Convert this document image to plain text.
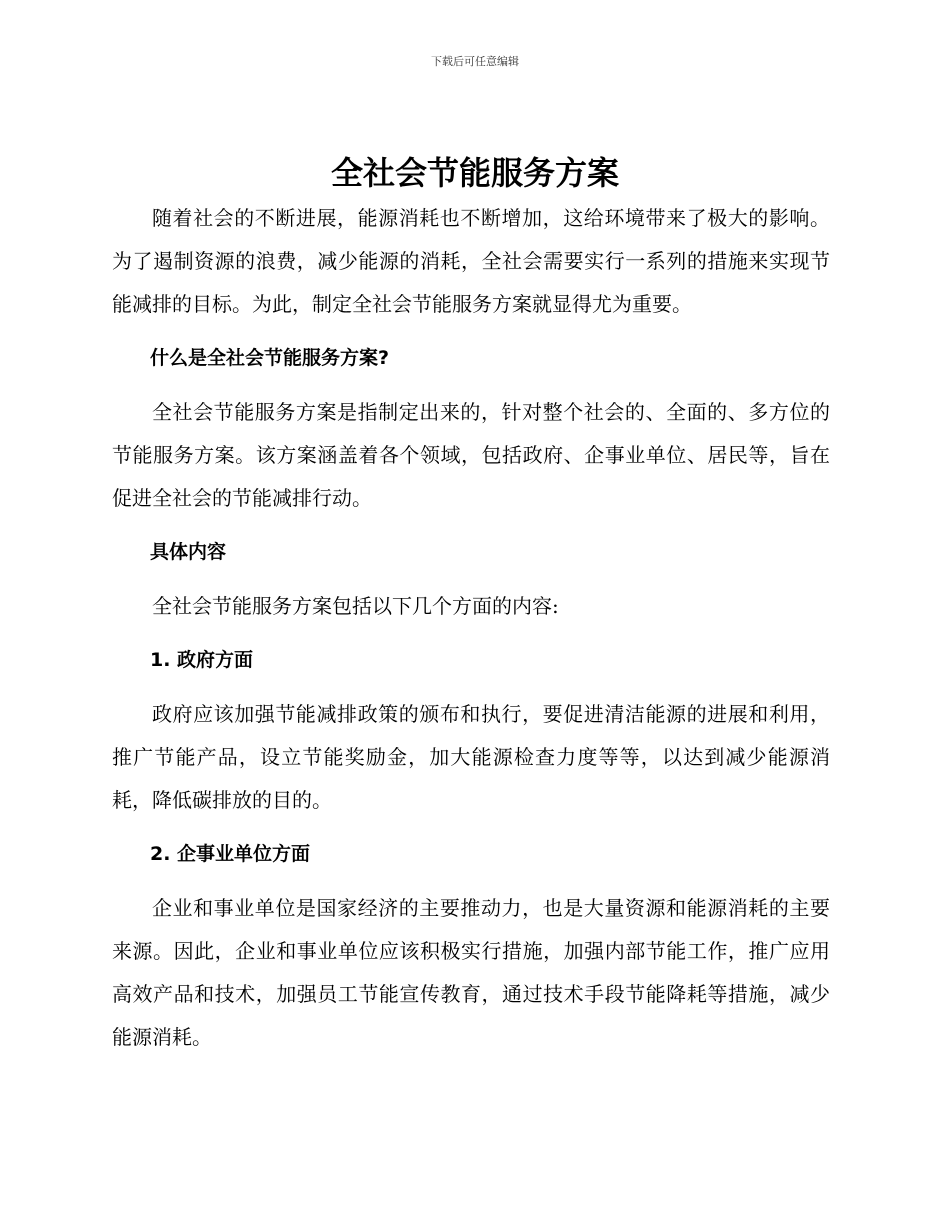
下载后可任意编辑
全社会节能服务方案

随着社会的不断进展，能源消耗也不断增加，这给环境带来了极大的影响。为了遏制资源的浪费，减少能源的消耗，全社会需要实行一系列的措施来实现节能减排的目标。为此，制定全社会节能服务方案就显得尤为重要。

什么是全社会节能服务方案?

全社会节能服务方案是指制定出来的，针对整个社会的、全面的、多方位的节能服务方案。该方案涵盖着各个领域，包括政府、企事业单位、居民等，旨在促进全社会的节能减排行动。

具体内容

全社会节能服务方案包括以下几个方面的内容:

1. 政府方面

政府应该加强节能减排政策的颁布和执行，要促进清洁能源的进展和利用，推广节能产品，设立节能奖励金，加大能源检查力度等等，以达到减少能源消耗，降低碳排放的目的。

2. 企事业单位方面

企业和事业单位是国家经济的主要推动力，也是大量资源和能源消耗的主要来源。因此，企业和事业单位应该积极实行措施，加强内部节能工作，推广应用高效产品和技术，加强员工节能宣传教育，通过技术手段节能降耗等措施，减少能源消耗。
